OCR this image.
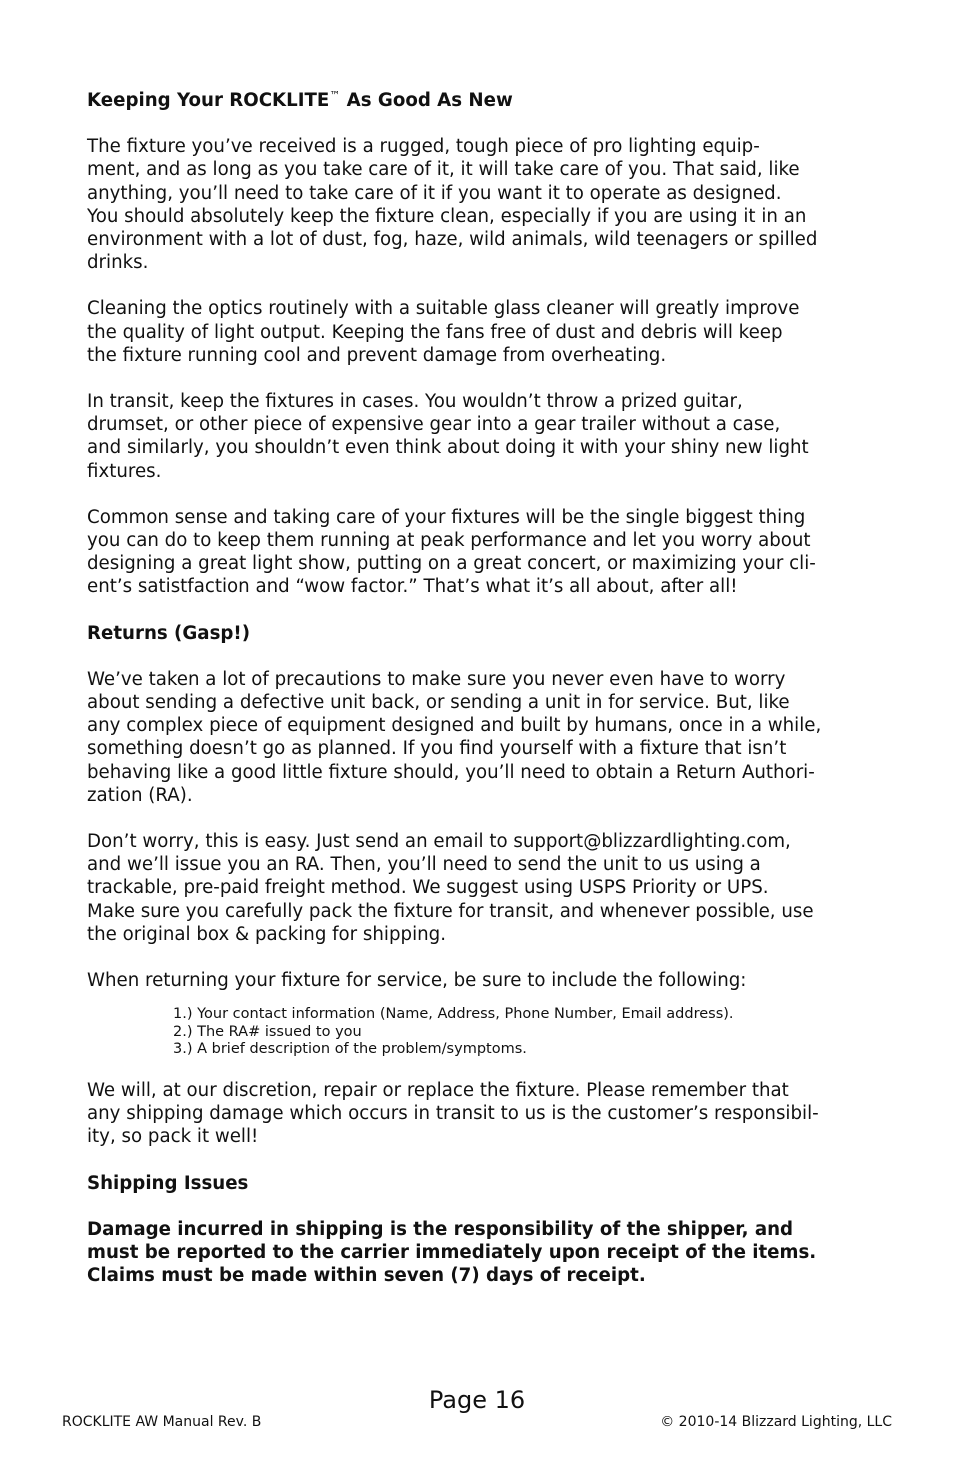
Keeping Your ROCKLITE™ As Good As New
The fixture you’ve received is a rugged, tough piece of pro lighting equip-
ment, and as long as you take care of it, it will take care of you. That said, like
anything, you’ll need to take care of it if you want it to operate as designed.
You should absolutely keep the fixture clean, especially if you are using it in an
environment with a lot of dust, fog, haze, wild animals, wild teenagers or spilled
drinks.
Cleaning the optics routinely with a suitable glass cleaner will greatly improve
the quality of light output. Keeping the fans free of dust and debris will keep
the fixture running cool and prevent damage from overheating.
In transit, keep the fixtures in cases. You wouldn’t throw a prized guitar,
drumset, or other piece of expensive gear into a gear trailer without a case,
and similarly, you shouldn’t even think about doing it with your shiny new light
fixtures.
Common sense and taking care of your fixtures will be the single biggest thing
you can do to keep them running at peak performance and let you worry about
designing a great light show, putting on a great concert, or maximizing your cli-
ent’s satistfaction and “wow factor.” That’s what it’s all about, after all!
Returns (Gasp!)
We’ve taken a lot of precautions to make sure you never even have to worry
about sending a defective unit back, or sending a unit in for service. But, like
any complex piece of equipment designed and built by humans, once in a while,
something doesn’t go as planned. If you find yourself with a fixture that isn’t
behaving like a good little fixture should, you’ll need to obtain a Return Authori-
zation (RA).
Don’t worry, this is easy. Just send an email to support@blizzardlighting.com,
and we’ll issue you an RA. Then, you’ll need to send the unit to us using a
trackable, pre-paid freight method. We suggest using USPS Priority or UPS.
Make sure you carefully pack the fixture for transit, and whenever possible, use
the original box & packing for shipping.
When returning your fixture for service, be sure to include the following:
1.) Your contact information (Name, Address, Phone Number, Email address).
2.) The RA# issued to you
3.) A brief description of the problem/symptoms.
We will, at our discretion, repair or replace the fixture. Please remember that
any shipping damage which occurs in transit to us is the customer’s responsibil-
ity, so pack it well!
Shipping Issues
Damage incurred in shipping is the responsibility of the shipper, and
must be reported to the carrier immediately upon receipt of the items.
Claims must be made within seven (7) days of receipt.
Page 16
ROCKLITE AW Manual Rev. B	© 2010-14 Blizzard Lighting, LLC
